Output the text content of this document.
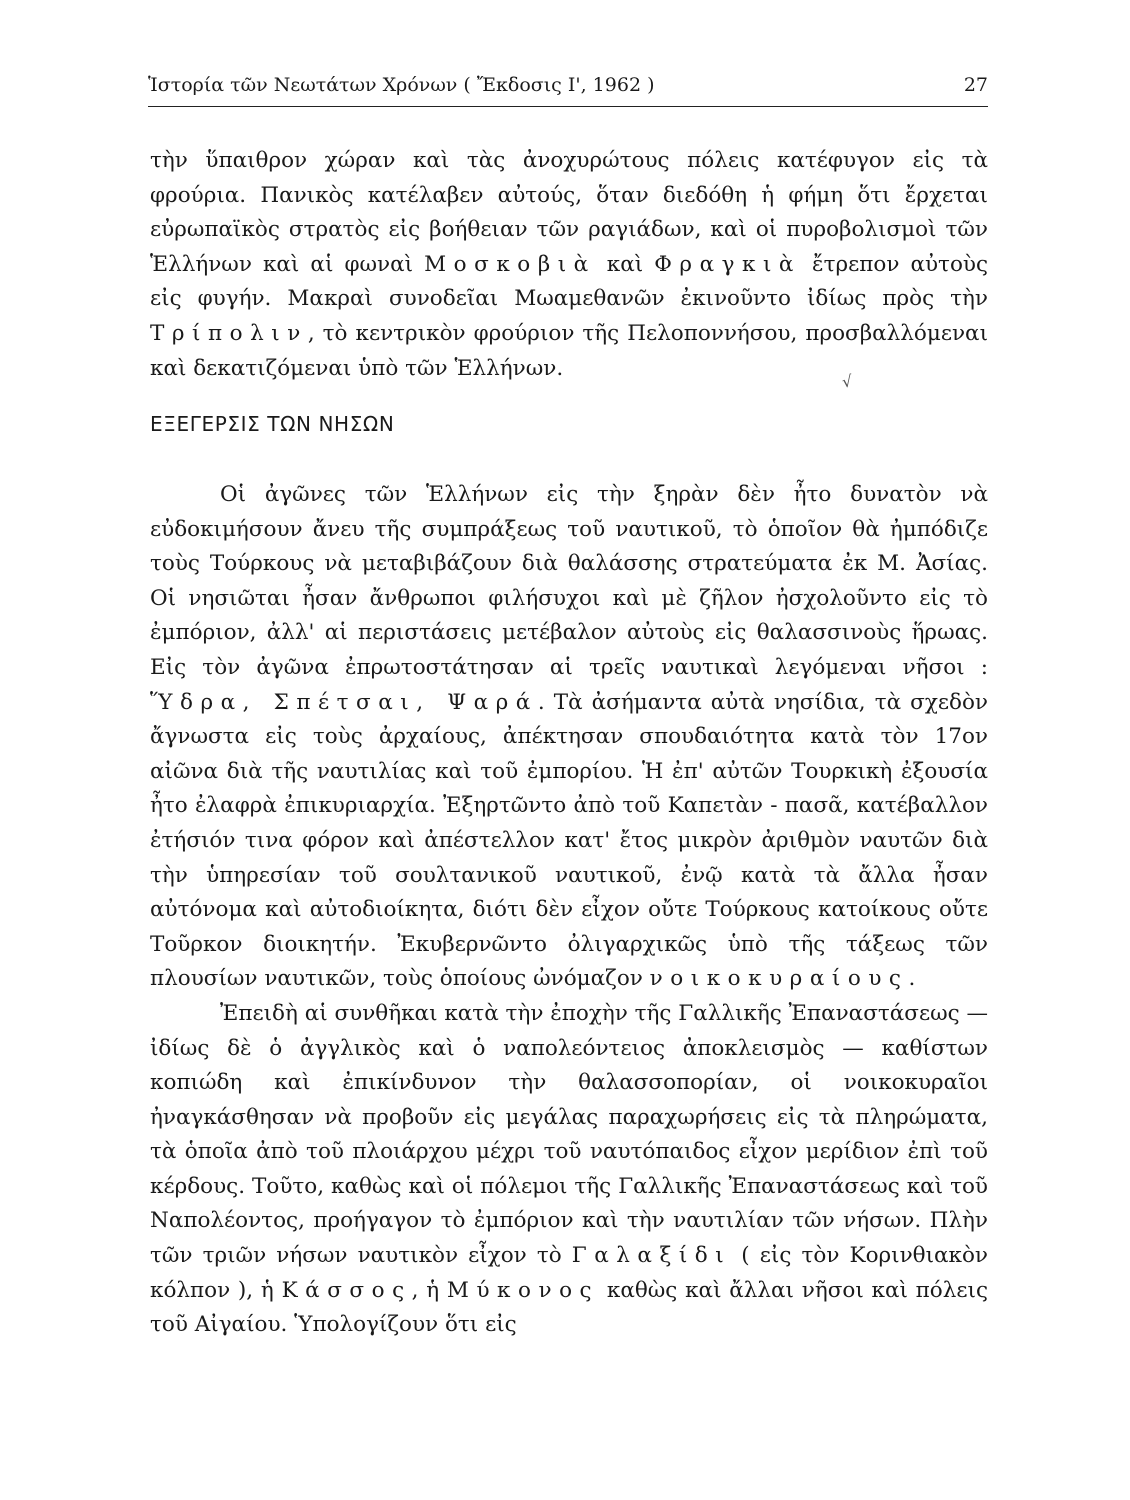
Ἱστορία τῶν Νεωτάτων Χρόνων ( Ἔκδοσις Ι', 1962 )	27

τὴν ὕπαιθρον χώραν καὶ τὰς ἀνοχυρώτους πόλεις κατέφυγον εἰς τὰ φρούρια. Πανικὸς κατέλαβεν αὐτούς, ὅταν διεδόθη ἡ φήμη ὅτι ἔρχεται εὐρωπαϊκὸς στρατὸς εἰς βοήθειαν τῶν ραγιάδων, καὶ οἱ πυροβολισμοὶ τῶν Ἑλλήνων καὶ αἱ φωναὶ Μοσκοβιὰ καὶ Φραγκιὰ ἔτρεπον αὐτοὺς εἰς φυγήν. Μακραὶ συνοδεῖαι Μωαμεθανῶν ἐκινοῦντο ἰδίως πρὸς τὴν Τρίπολιν, τὸ κεντρικὸν φρούριον τῆς Πελοποννήσου, προσβαλλόμεναι καὶ δεκατιζόμεναι ὑπὸ τῶν Ἑλλήνων.

√
ΕΞΕΓΕΡΣΙΣ ΤΩΝ ΝΗΣΩΝ

Οἱ ἀγῶνες τῶν Ἑλλήνων εἰς τὴν ξηρὰν δὲν ἦτο δυνατὸν νὰ εὐδοκιμήσουν ἄνευ τῆς συμπράξεως τοῦ ναυτικοῦ, τὸ ὁποῖον θὰ ἠμπόδιζε τοὺς Τούρκους νὰ μεταβιβάζουν διὰ θαλάσσης στρατεύματα ἐκ Μ. Ἀσίας. Οἱ νησιῶται ἦσαν ἄνθρωποι φιλήσυχοι καὶ μὲ ζῆλον ἠσχολοῦντο εἰς τὸ ἐμπόριον, ἀλλ' αἱ περιστάσεις μετέβαλον αὐτοὺς εἰς θαλασσινοὺς ἥρωας. Εἰς τὸν ἀγῶνα ἐπρωτοστάτησαν αἱ τρεῖς ναυτικαὶ λεγόμεναι νῆσοι : Ὕδρα, Σπέτσαι, Ψαρά. Τὰ ἀσήμαντα αὐτὰ νησίδια, τὰ σχεδὸν ἄγνωστα εἰς τοὺς ἀρχαίους, ἀπέκτησαν σπουδαιότητα κατὰ τὸν 17ον αἰῶνα διὰ τῆς ναυτιλίας καὶ τοῦ ἐμπορίου. Ἡ ἐπ' αὐτῶν Τουρκικὴ ἐξουσία ἦτο ἐλαφρὰ ἐπικυριαρχία. Ἐξηρτῶντο ἀπὸ τοῦ Καπετὰν - πασᾶ, κατέβαλλον ἐτήσιόν τινα φόρον καὶ ἀπέστελλον κατ' ἔτος μικρὸν ἀριθμὸν ναυτῶν διὰ τὴν ὑπηρεσίαν τοῦ σουλτανικοῦ ναυτικοῦ, ἐνῷ κατὰ τὰ ἄλλα ἦσαν αὐτόνομα καὶ αὐτοδιοίκητα, διότι δὲν εἶχον οὔτε Τούρκους κατοίκους οὔτε Τοῦρκον διοικητήν. Ἐκυβερνῶντο ὀλιγαρχικῶς ὑπὸ τῆς τάξεως τῶν πλουσίων ναυτικῶν, τοὺς ὁποίους ὠνόμαζον νοικοκυραίους.

Ἐπειδὴ αἱ συνθῆκαι κατὰ τὴν ἐποχὴν τῆς Γαλλικῆς Ἐπαναστάσεως — ἰδίως δὲ ὁ ἀγγλικὸς καὶ ὁ ναπολεόντειος ἀποκλεισμὸς — καθίστων κοπιώδη καὶ ἐπικίνδυνον τὴν θαλασσοπορίαν, οἱ νοικοκυραῖοι ἠναγκάσθησαν νὰ προβοῦν εἰς μεγάλας παραχωρήσεις εἰς τὰ πληρώματα, τὰ ὁποῖα ἀπὸ τοῦ πλοιάρχου μέχρι τοῦ ναυτόπαιδος εἶχον μερίδιον ἐπὶ τοῦ κέρδους. Τοῦτο, καθὼς καὶ οἱ πόλεμοι τῆς Γαλλικῆς Ἐπαναστάσεως καὶ τοῦ Ναπολέοντος, προήγαγον τὸ ἐμπόριον καὶ τὴν ναυτιλίαν τῶν νήσων. Πλὴν τῶν τριῶν νήσων ναυτικὸν εἶχον τὸ Γαλαξίδι ( εἰς τὸν Κορινθιακὸν κόλπον ), ἡ Κάσσος, ἡ Μύκονος καθὼς καὶ ἄλλαι νῆσοι καὶ πόλεις τοῦ Αἰγαίου. Ὑπολογίζουν ὅτι εἰς
